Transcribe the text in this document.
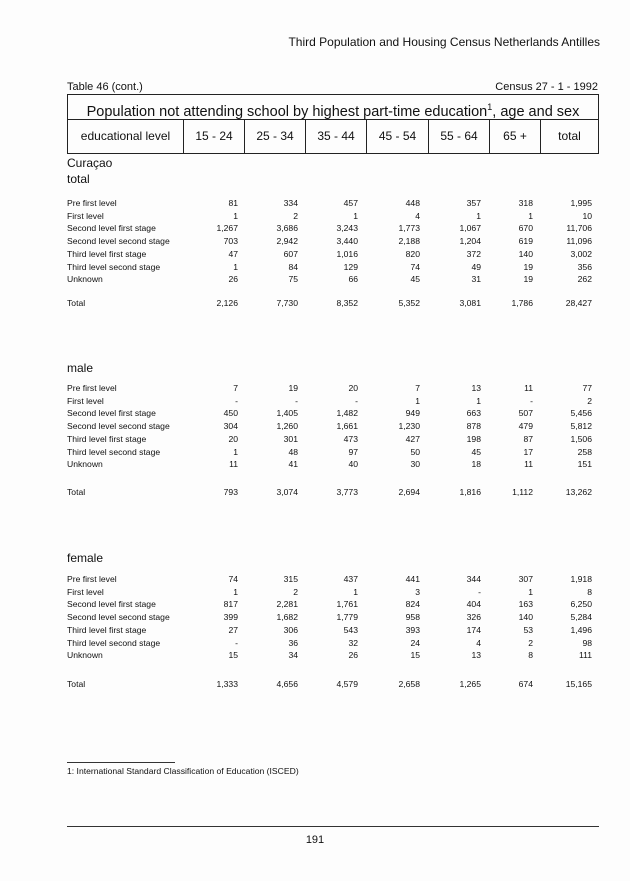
Third Population and Housing Census Netherlands Antilles
Table 46 (cont.)	Census 27 - 1 - 1992
Population not attending school by highest part-time education$^1$, age and sex
educational level	15 - 24	25 - 34	35 - 44	45 - 54	55 - 64	65 +	total
Curaçao
total
Pre first level	81	334	457	448	357	318	1,995
First level	1	2	1	4	1	1	10
Second level first stage	1,267	3,686	3,243	1,773	1,067	670	11,706
Second level second stage	703	2,942	3,440	2,188	1,204	619	11,096
Third level first stage	47	607	1,016	820	372	140	3,002
Third level second stage	1	84	129	74	49	19	356
Unknown	26	75	66	45	31	19	262
Total	2,126	7,730	8,352	5,352	3,081	1,786	28,427
male
Pre first level	7	19	20	7	13	11	77
First level	-	-	-	1	1	-	2
Second level first stage	450	1,405	1,482	949	663	507	5,456
Second level second stage	304	1,260	1,661	1,230	878	479	5,812
Third level first stage	20	301	473	427	198	87	1,506
Third level second stage	1	48	97	50	45	17	258
Unknown	11	41	40	30	18	11	151
Total	793	3,074	3,773	2,694	1,816	1,112	13,262
female
Pre first level	74	315	437	441	344	307	1,918
First level	1	2	1	3	-	1	8
Second level first stage	817	2,281	1,761	824	404	163	6,250
Second level second stage	399	1,682	1,779	958	326	140	5,284
Third level first stage	27	306	543	393	174	53	1,496
Third level second stage	-	36	32	24	4	2	98
Unknown	15	34	26	15	13	8	111
Total	1,333	4,656	4,579	2,658	1,265	674	15,165
1: International Standard Classification of Education (ISCED)
191
